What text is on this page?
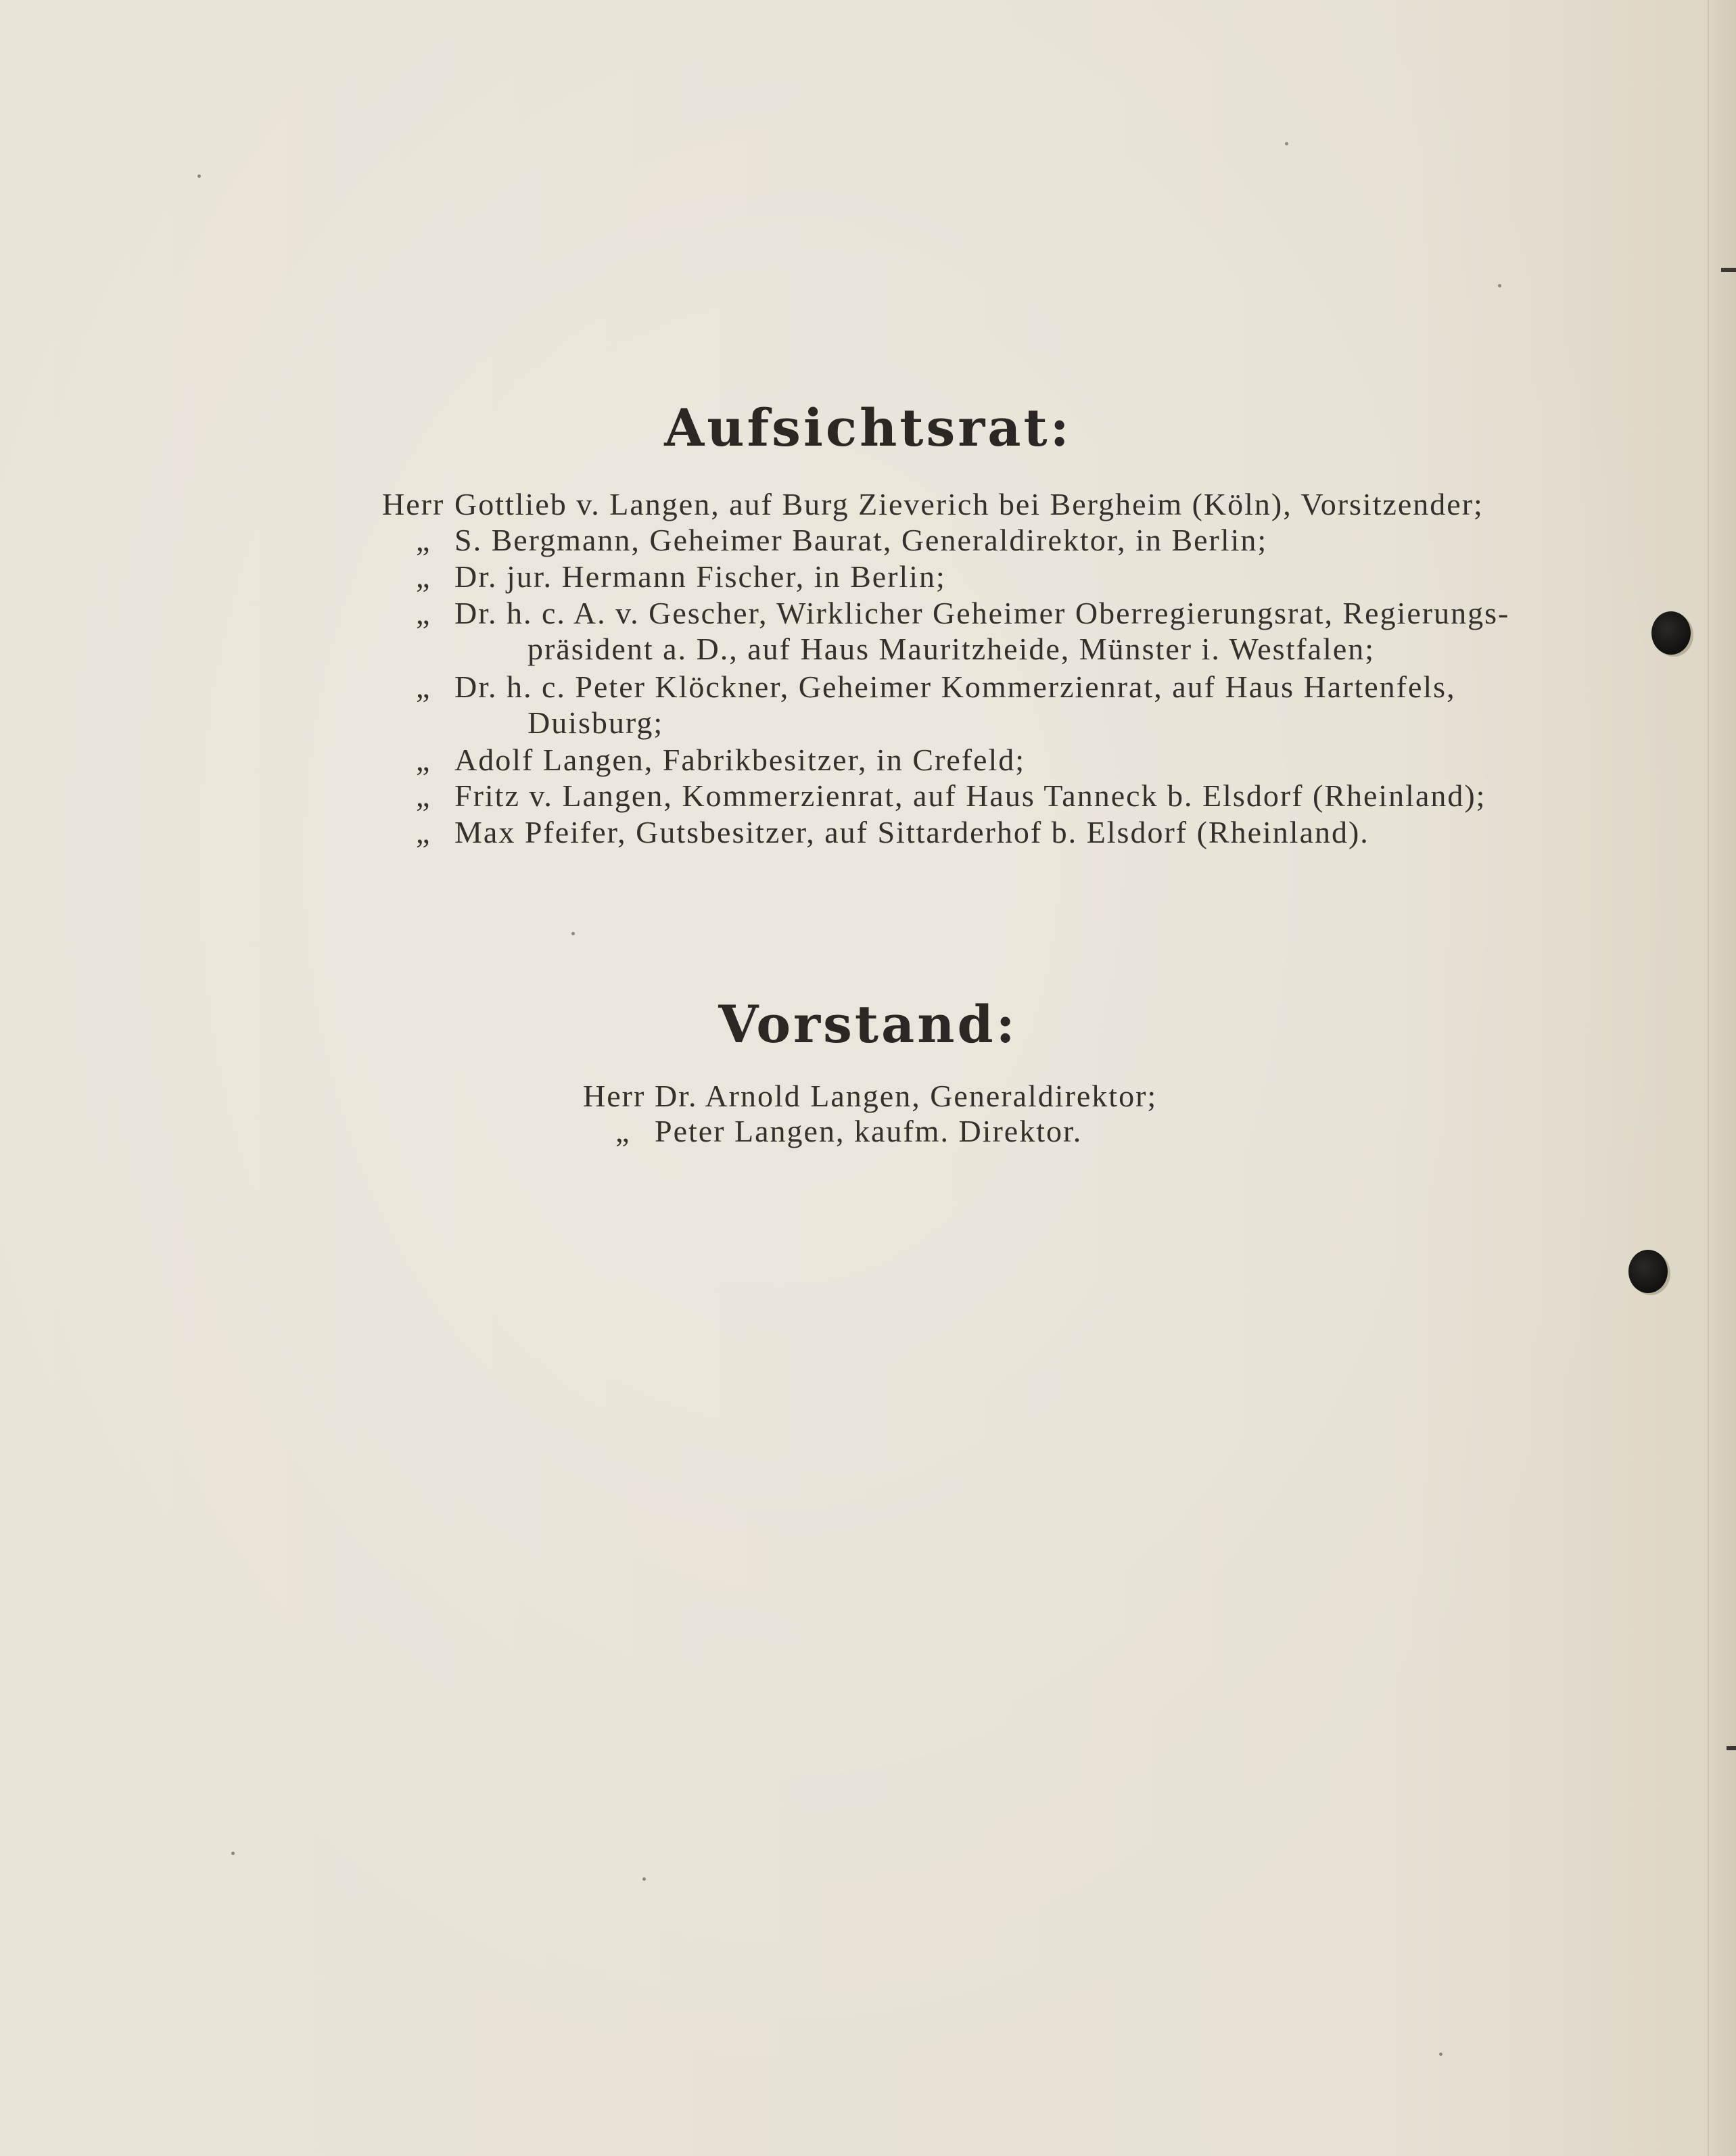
Aufsichtsrat:
Herr Gottlieb v. Langen, auf Burg Zieverich bei Bergheim (Köln), Vorsitzender;
„ S. Bergmann, Geheimer Baurat, Generaldirektor, in Berlin;
„ Dr. jur. Hermann Fischer, in Berlin;
„ Dr. h. c. A. v. Gescher, Wirklicher Geheimer Oberregierungsrat, Regierungs-
präsident a. D., auf Haus Mauritzheide, Münster i. Westfalen;
„ Dr. h. c. Peter Klöckner, Geheimer Kommerzienrat, auf Haus Hartenfels,
Duisburg;
„ Adolf Langen, Fabrikbesitzer, in Crefeld;
„ Fritz v. Langen, Kommerzienrat, auf Haus Tanneck b. Elsdorf (Rheinland);
„ Max Pfeifer, Gutsbesitzer, auf Sittarderhof b. Elsdorf (Rheinland).
Vorstand:
Herr Dr. Arnold Langen, Generaldirektor;
„ Peter Langen, kaufm. Direktor.
